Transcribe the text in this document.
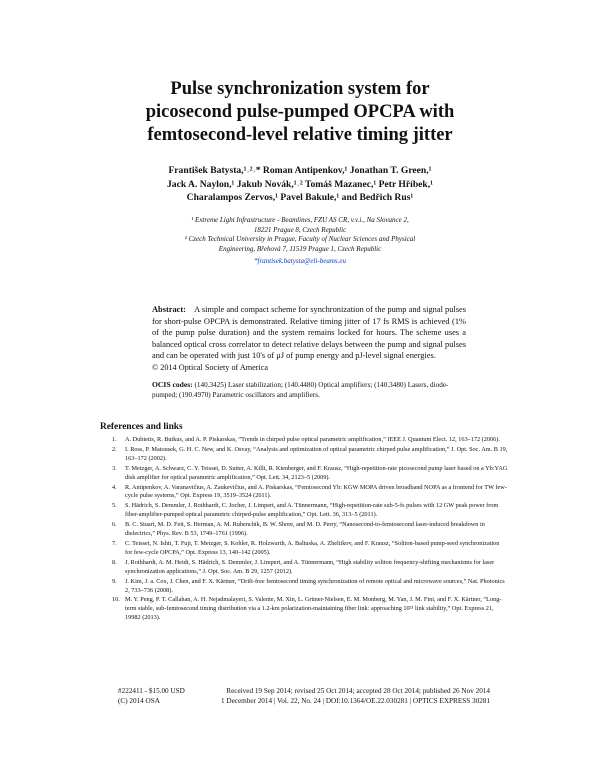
Pulse synchronization system for
picosecond pulse-pumped OPCPA with
femtosecond-level relative timing jitter
František Batysta,¹˒²˒* Roman Antipenkov,¹ Jonathan T. Green,¹
Jack A. Naylon,¹ Jakub Novák,¹˒² Tomáš Mazanec,¹ Petr Hříbek,¹
Charalampos Zervos,¹ Pavel Bakule,¹ and Bedřich Rus¹
¹ Extreme Light Infrastructure - Beamlines, FZU AS CR, v.v.i., Na Slovance 2,
18221 Prague 8, Czech Republic
² Czech Technical University in Prague, Faculty of Nuclear Sciences and Physical
Engineering, Břehová 7, 11519 Prague 1, Czech Republic
*frantisek.batysta@eli-beams.eu
Abstract: A simple and compact scheme for synchronization of the pump and signal pulses for short-pulse OPCPA is demonstrated. Relative timing jitter of 17 fs RMS is achieved (1% of the pump pulse duration) and the system remains locked for hours. The scheme uses a balanced optical cross correlator to detect relative delays between the pump and signal pulses and can be operated with just 10's of μJ of pump energy and pJ-level signal energies.
© 2014 Optical Society of America
OCIS codes: (140.3425) Laser stabilization; (140.4480) Optical amplifiers; (140.3480) Lasers, diode-pumped; (190.4970) Parametric oscillators and amplifiers.
References and links
1. A. Dubietis, R. Butkus, and A. P. Piskarskas, “Trends in chirped pulse optical parametric amplification,” IEEE J. Quantum Elect. 12, 163–172 (2006).
2. I. Ross, P. Matousek, G. H. C. New, and K. Osvay, “Analysis and optimization of optical parametric chirped pulse amplification,” J. Opt. Soc. Am. B 19, 163–172 (2002).
3. T. Metzger, A. Schwarz, C. Y. Teisset, D. Sutter, A. Killi, R. Kienberger, and F. Krausz, “High-repetition-rate picosecond pump laser based on a Yb:YAG disk amplifier for optical parametric amplification,” Opt. Lett. 34, 2123–5 (2009).
4. R. Antipenkov, A. Varanavičius, A. Zaukevičius, and A. Piskarskas, “Femtosecond Yb: KGW MOPA driven broadband NOPA as a frontend for TW few-cycle pulse systems,” Opt. Express 19, 3519–3524 (2011).
5. S. Hädrich, S. Demmler, J. Rothhardt, C. Jocher, J. Limpert, and A. Tünnermann, “High-repetition-rate sub-5-fs pulses with 12 GW peak power from fiber-amplifier-pumped optical parametric chirped-pulse amplification,” Opt. Lett. 36, 313–5 (2011).
6. B. C. Stuart, M. D. Feit, S. Herman, A. M. Rubenchik, B. W. Shore, and M. D. Perry, “Nanosecond-to-femtosecond laser-induced breakdown in dielectrics,” Phys. Rev. B 53, 1749–1761 (1996).
7. C. Teisset, N. Ishii, T. Fuji, T. Metzger, S. Kohler, R. Holzwarth, A. Baltuska, A. Zheltikov, and F. Krausz, “Soliton-based pump-seed synchronization for few-cycle OPCPA,” Opt. Express 13, 140–142 (2005).
8. J. Rothhardt, A. M. Heidt, S. Hädrich, S. Demmler, J. Limpert, and A. Tünnermann, “High stability soliton frequency-shifting mechanisms for laser synchronization applications,” J. Opt. Soc. Am. B 29, 1257 (2012).
9. J. Kim, J. a. Cox, J. Chen, and F. X. Kärtner, “Drift-free femtosecond timing synchronization of remote optical and microwave sources,” Nat. Photonics 2, 733–736 (2008).
10. M. Y. Peng, P. T. Callahan, A. H. Nejadmalayeri, S. Valente, M. Xin, L. Grüner-Nielsen, E. M. Monberg, M. Yan, J. M. Fini, and F. X. Kärtner, “Long-term stable, sub-femtosecond timing distribution via a 1.2-km polarization-maintaining fiber link: approaching 10²¹ link stability,” Opt. Express 21, 19982 (2013).
#222411 - $15.00 USD	Received 19 Sep 2014; revised 25 Oct 2014; accepted 28 Oct 2014; published 26 Nov 2014
(C) 2014 OSA	1 December 2014 | Vol. 22, No. 24 | DOI:10.1364/OE.22.030281 | OPTICS EXPRESS 30281
